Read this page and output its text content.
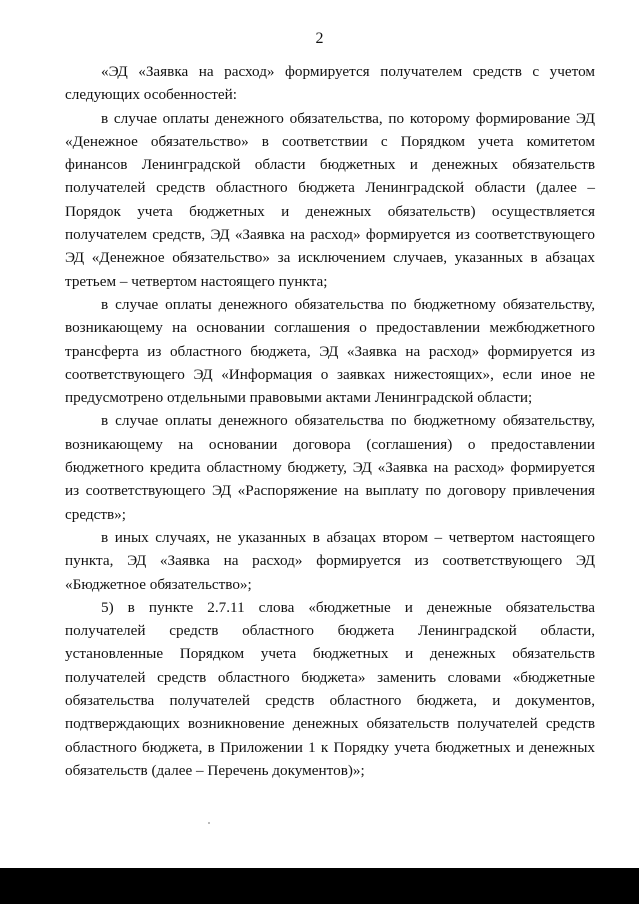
2

«ЭД «Заявка на расход» формируется получателем средств с учетом следующих особенностей:

в случае оплаты денежного обязательства, по которому формирование ЭД «Денежное обязательство» в соответствии с Порядком учета комитетом финансов Ленинградской области бюджетных и денежных обязательств получателей средств областного бюджета Ленинградской области (далее – Порядок учета бюджетных и денежных обязательств) осуществляется получателем средств, ЭД «Заявка на расход» формируется из соответствующего ЭД «Денежное обязательство» за исключением случаев, указанных в абзацах третьем – четвертом настоящего пункта;

в случае оплаты денежного обязательства по бюджетному обязательству, возникающему на основании соглашения о предоставлении межбюджетного трансферта из областного бюджета, ЭД «Заявка на расход» формируется из соответствующего ЭД «Информация о заявках нижестоящих», если иное не предусмотрено отдельными правовыми актами Ленинградской области;

в случае оплаты денежного обязательства по бюджетному обязательству, возникающему на основании договора (соглашения) о предоставлении бюджетного кредита областному бюджету, ЭД «Заявка на расход» формируется из соответствующего ЭД «Распоряжение на выплату по договору привлечения средств»;

в иных случаях, не указанных в абзацах втором – четвертом настоящего пункта, ЭД «Заявка на расход» формируется из соответствующего ЭД «Бюджетное обязательство»;

5) в пункте 2.7.11 слова «бюджетные и денежные обязательства получателей средств областного бюджета Ленинградской области, установленные Порядком учета бюджетных и денежных обязательств получателей средств областного бюджета» заменить словами «бюджетные обязательства получателей средств областного бюджета, и документов, подтверждающих возникновение денежных обязательств получателей средств областного бюджета, в Приложении 1 к Порядку учета бюджетных и денежных обязательств (далее – Перечень документов)»;
